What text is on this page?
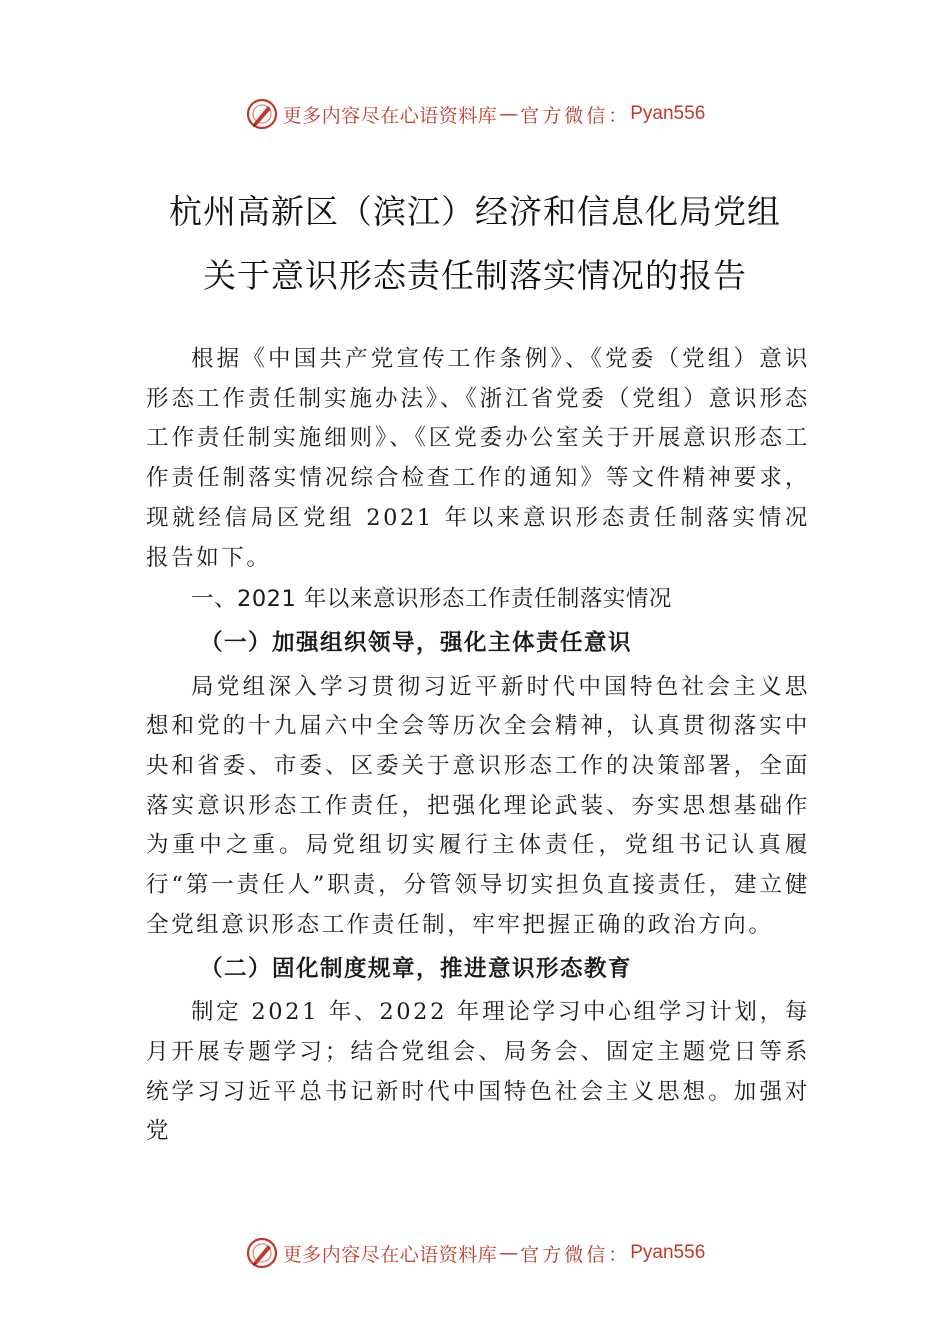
更多内容尽在心语资料库 — 官方微信： Pyan556
杭州高新区（滨江）经济和信息化局党组
关于意识形态责任制落实情况的报告

根据《中国共产党宣传工作条例》、《党委（党组）意识形态工作责任制实施办法》、《浙江省党委（党组）意识形态工作责任制实施细则》、《区党委办公室关于开展意识形态工作责任制落实情况综合检查工作的通知》等文件精神要求，现就经信局区党组 2021 年以来意识形态责任制落实情况报告如下。

一、2021 年以来意识形态工作责任制落实情况

（一）加强组织领导，强化主体责任意识

局党组深入学习贯彻习近平新时代中国特色社会主义思想和党的十九届六中全会等历次全会精神，认真贯彻落实中央和省委、市委、区委关于意识形态工作的决策部署，全面落实意识形态工作责任，把强化理论武装、夯实思想基础作为重中之重。局党组切实履行主体责任，党组书记认真履行“第一责任人”职责，分管领导切实担负直接责任，建立健全党组意识形态工作责任制，牢牢把握正确的政治方向。

（二）固化制度规章，推进意识形态教育

制定 2021 年、2022 年理论学习中心组学习计划，每月开展专题学习；结合党组会、局务会、固定主题党日等系统学习习近平总书记新时代中国特色社会主义思想。加强对党

更多内容尽在心语资料库 — 官方微信： Pyan556
